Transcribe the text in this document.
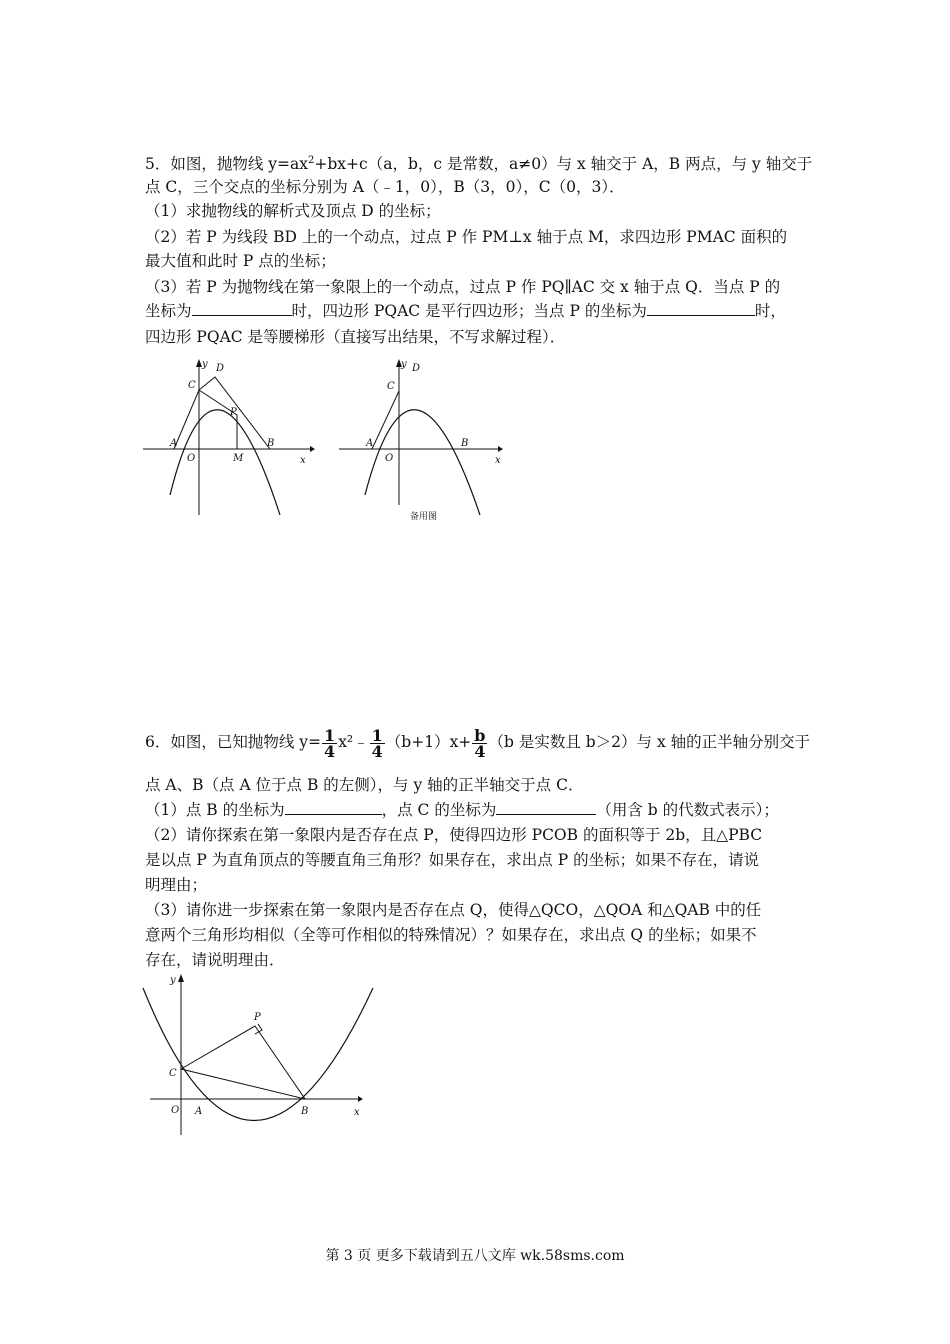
5．如图，抛物线 $y=ax^2+bx+c(a$，b，c 是常数，a≠0）与 x 轴交于 A，B 两点，与 y 轴交于
点 C，三个交点的坐标分别为 A（﹣1，0），B（3，0），C（0，3）．
（1）求抛物线的解析式及顶点 D 的坐标；
（2）若 P 为线段 BD 上的一个动点，过点 P 作 PM⊥x 轴于点 M，求四边形 PMAC 面积的
最大值和此时 P 点的坐标；
（3）若 P 为抛物线在第一象限上的一个动点，过点 P 作 PQ∥AC 交 x 轴于点 Q．当点 P 的
坐标为	时，四边形 PQAC 是平行四边形；当点 P 的坐标为	时，
四边形 PQAC 是等腰梯形（直接写出结果，不写求解过程）．
y
x
D
C
P
A	B
O	M
y
x
D
C
A	B
O
备用图
6．如图，已知抛物线 $y= \frac{1}{4}$ x²﹣ $\frac{1}{4} (b+1)x+ \frac{b}{4} (b$ 是实数且 b＞2）与 x 轴的正半轴分别交于
点 A、B（点 A 位于点 B 的左侧），与 y 轴的正半轴交于点 C．
（1）点 B 的坐标为	，点 C 的坐标为	（用含 b 的代数式表示）；
（2）请你探索在第一象限内是否存在点 P，使得四边形 PCOB 的面积等于 2b，且△PBC
是以点 P 为直角顶点的等腰直角三角形？如果存在，求出点 P 的坐标；如果不存在，请说
明理由；
（3）请你进一步探索在第一象限内是否存在点 Q，使得△QCO，△QOA 和△QAB 中的任
意两个三角形均相似（全等可作相似的特殊情况）？如果存在，求出点 Q 的坐标；如果不
存在，请说明理由．
y
x
P
C
O A	B
第 3 页 更多下载请到五八文库 wk.58sms.com
